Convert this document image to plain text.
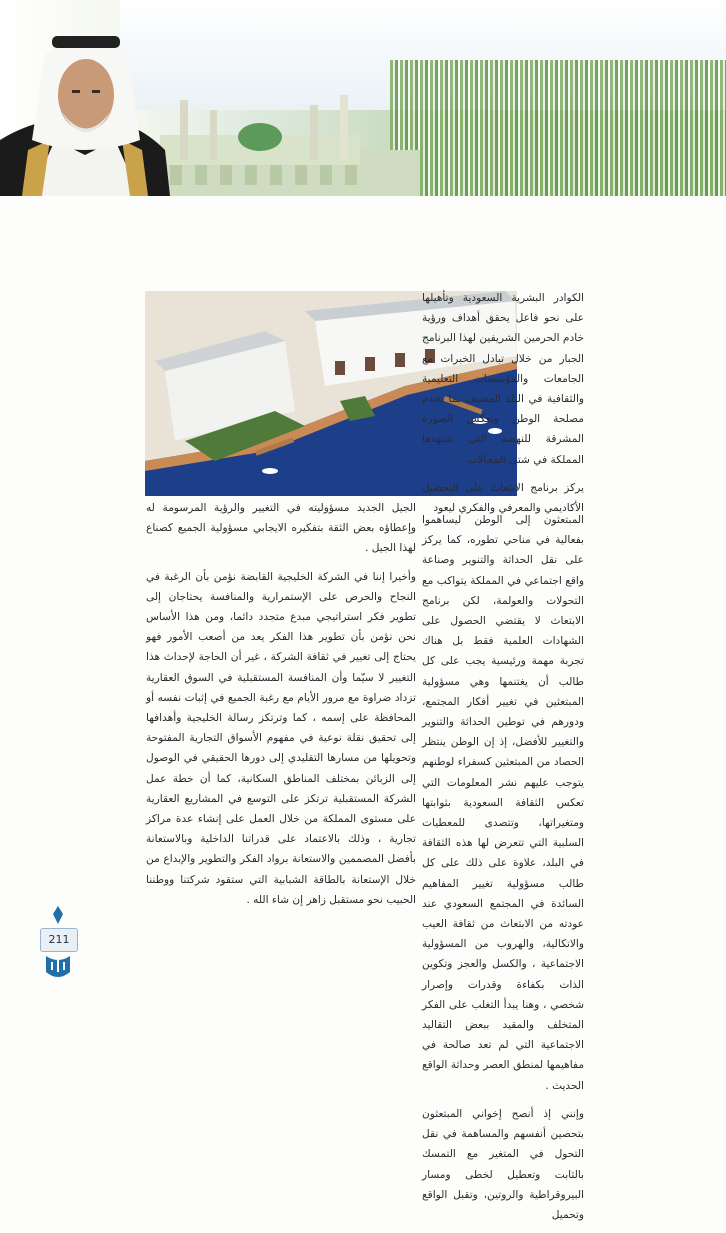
الكوادر البشرية السعودية وتأهيلها على نحو فاعل يحقق أهداف ورؤية خادم الحرمين الشريفين لهذا البرنامج الجبار من خلال تبادل الخبرات مع الجامعات والمؤسسات التعليمية والثقافية في البلد المضيف بما يخدم مصلحة الوطن ويعكس الصورة المشرقة للنهضة التي تشهدها المملكة في شتى المجالات .

يركز برنامج الابتعاث على التحصيل الأكاديمي والمعرفي والفكري ليعود

المبتعثون إلى الوطن ليساهموا بفعالية في مناحي تطوره، كما يركز على نقل الحداثة والتنوير وصناعة واقع اجتماعي في المملكة يتواكب مع التحولات والعولمة، لكن برنامج الابتعاث لا يقتضي الحصول على الشهادات العلمية فقط بل هناك تجربة مهمة ورئيسية يجب على كل طالب أن يغتنمها وهي مسؤولية المبتعثين في تغيير أفكار المجتمع، ودورهم في توطين الحداثة والتنوير والتغيير للأفضل، إذ إن الوطن ينتظر الحصاد من المبتعثين كسفراء لوطنهم يتوجب عليهم نشر المعلومات التي تعكس الثقافة السعودية بثوابتها ومتغيراتها، وتتصدى للمعطيات السلبية التي تتعرض لها هذه الثقافة في البلد، علاوة على ذلك على كل طالب مسؤولية تغيير المفاهيم السائدة في المجتمع السعودي عند عودته من الابتعاث من ثقافة العيب والاتكالية، والهروب من المسؤولية الاجتماعية ، والكسل والعجز وتكوين الذات بكفاءة وقدرات وإصرار شخصي ، وهنا يبدأ التغلب على الفكر المتخلف والمقيد ببعض التقاليد الاجتماعية التي لم تعد صالحة في مفاهيمها لمنطق العصر وحداثة الواقع الحديث .

وإنني إذ أنصح إخواني المبتعثون بتحصين أنفسهم والمساهمة في نقل التحول في المتغير مع التمسك بالثابت وتعطيل لخطى ومسار البيروقراطية والروتين، وتقبل الواقع وتحميل

الجيل الجديد مسؤوليته في التغيير والرؤية المرسومة له وإعطاؤه بعض الثقة بتفكيره الايجابي مسؤولية الجميع كصناع لهذا الجيل .

وأخيرا إننا في الشركة الخليجية القابضة نؤمن بأن الرغبة في النجاح والحرص على الإستمرارية والمنافسة يحتاجان إلى تطوير فكر استراتيجي مبدع متجدد دائما، ومن هذا الأساس نحن نؤمن بأن تطوير هذا الفكر يعد من أصعب الأمور فهو يحتاج إلى تغيير في ثقافة الشركة ، غير أن الحاجة لإحداث هذا التغيير لا سيّما وأن المنافسة المستقبلية في السوق العقارية تزداد ضراوة مع مرور الأيام مع رغبة الجميع في إثبات نفسه أو المحافظة على إسمه ، كما وترتكز رسالة الخليجية وأهدافها إلى تحقيق نقلة نوعية في مفهوم الأسواق التجارية المفتوحة وتحويلها من مسارها التقليدي إلى دورها الحقيقي في الوصول إلى الزبائن بمختلف المناطق السكانية، كما أن خطة عمل الشركة المستقبلية ترتكز على التوسع في المشاريع العقارية على مستوى المملكة من خلال العمل على إنشاء عدة مراكز تجارية ، وذلك بالاعتماد على قدراتنا الداخلية وبالاستعانة بأفضل المصممين والاستعانة برواد الفكر والتطوير والإبداع من خلال الإستعانة بالطاقة الشبابية التي ستقود شركتنا ووطننا الحبيب نحو مستقبل زاهر إن شاء الله .

211
